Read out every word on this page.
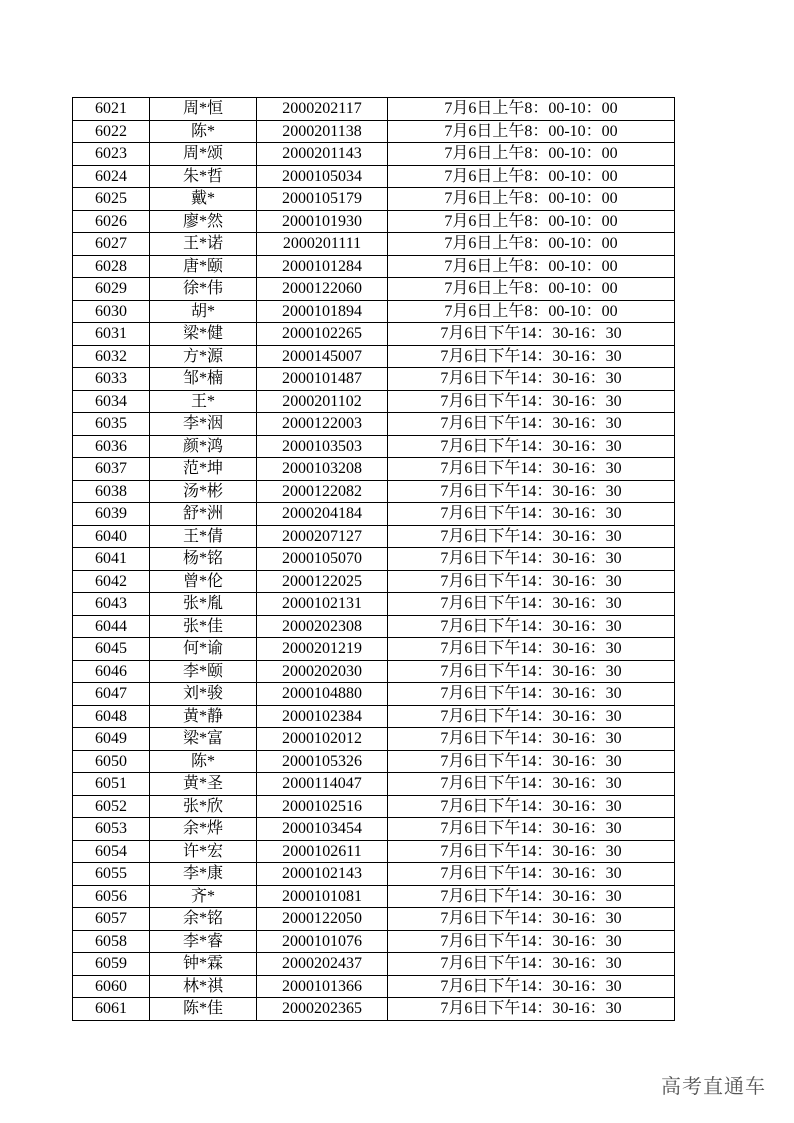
6021	周*恒	2000202117	7月6日上午8：00-10：00
6022	陈*	2000201138	7月6日上午8：00-10：00
6023	周*颂	2000201143	7月6日上午8：00-10：00
6024	朱*哲	2000105034	7月6日上午8：00-10：00
6025	戴*	2000105179	7月6日上午8：00-10：00
6026	廖*然	2000101930	7月6日上午8：00-10：00
6027	王*诺	2000201111	7月6日上午8：00-10：00
6028	唐*颐	2000101284	7月6日上午8：00-10：00
6029	徐*伟	2000122060	7月6日上午8：00-10：00
6030	胡*	2000101894	7月6日上午8：00-10：00
6031	梁*健	2000102265	7月6日下午14：30-16：30
6032	方*源	2000145007	7月6日下午14：30-16：30
6033	邹*楠	2000101487	7月6日下午14：30-16：30
6034	王*	2000201102	7月6日下午14：30-16：30
6035	李*洇	2000122003	7月6日下午14：30-16：30
6036	颜*鸿	2000103503	7月6日下午14：30-16：30
6037	范*坤	2000103208	7月6日下午14：30-16：30
6038	汤*彬	2000122082	7月6日下午14：30-16：30
6039	舒*洲	2000204184	7月6日下午14：30-16：30
6040	王*倩	2000207127	7月6日下午14：30-16：30
6041	杨*铭	2000105070	7月6日下午14：30-16：30
6042	曾*伦	2000122025	7月6日下午14：30-16：30
6043	张*胤	2000102131	7月6日下午14：30-16：30
6044	张*佳	2000202308	7月6日下午14：30-16：30
6045	何*谕	2000201219	7月6日下午14：30-16：30
6046	李*颐	2000202030	7月6日下午14：30-16：30
6047	刘*骏	2000104880	7月6日下午14：30-16：30
6048	黄*静	2000102384	7月6日下午14：30-16：30
6049	梁*富	2000102012	7月6日下午14：30-16：30
6050	陈*	2000105326	7月6日下午14：30-16：30
6051	黄*圣	2000114047	7月6日下午14：30-16：30
6052	张*欣	2000102516	7月6日下午14：30-16：30
6053	余*烨	2000103454	7月6日下午14：30-16：30
6054	许*宏	2000102611	7月6日下午14：30-16：30
6055	李*康	2000102143	7月6日下午14：30-16：30
6056	齐*	2000101081	7月6日下午14：30-16：30
6057	余*铭	2000122050	7月6日下午14：30-16：30
6058	李*睿	2000101076	7月6日下午14：30-16：30
6059	钟*霖	2000202437	7月6日下午14：30-16：30
6060	林*祺	2000101366	7月6日下午14：30-16：30
6061	陈*佳	2000202365	7月6日下午14：30-16：30
高考直通车
